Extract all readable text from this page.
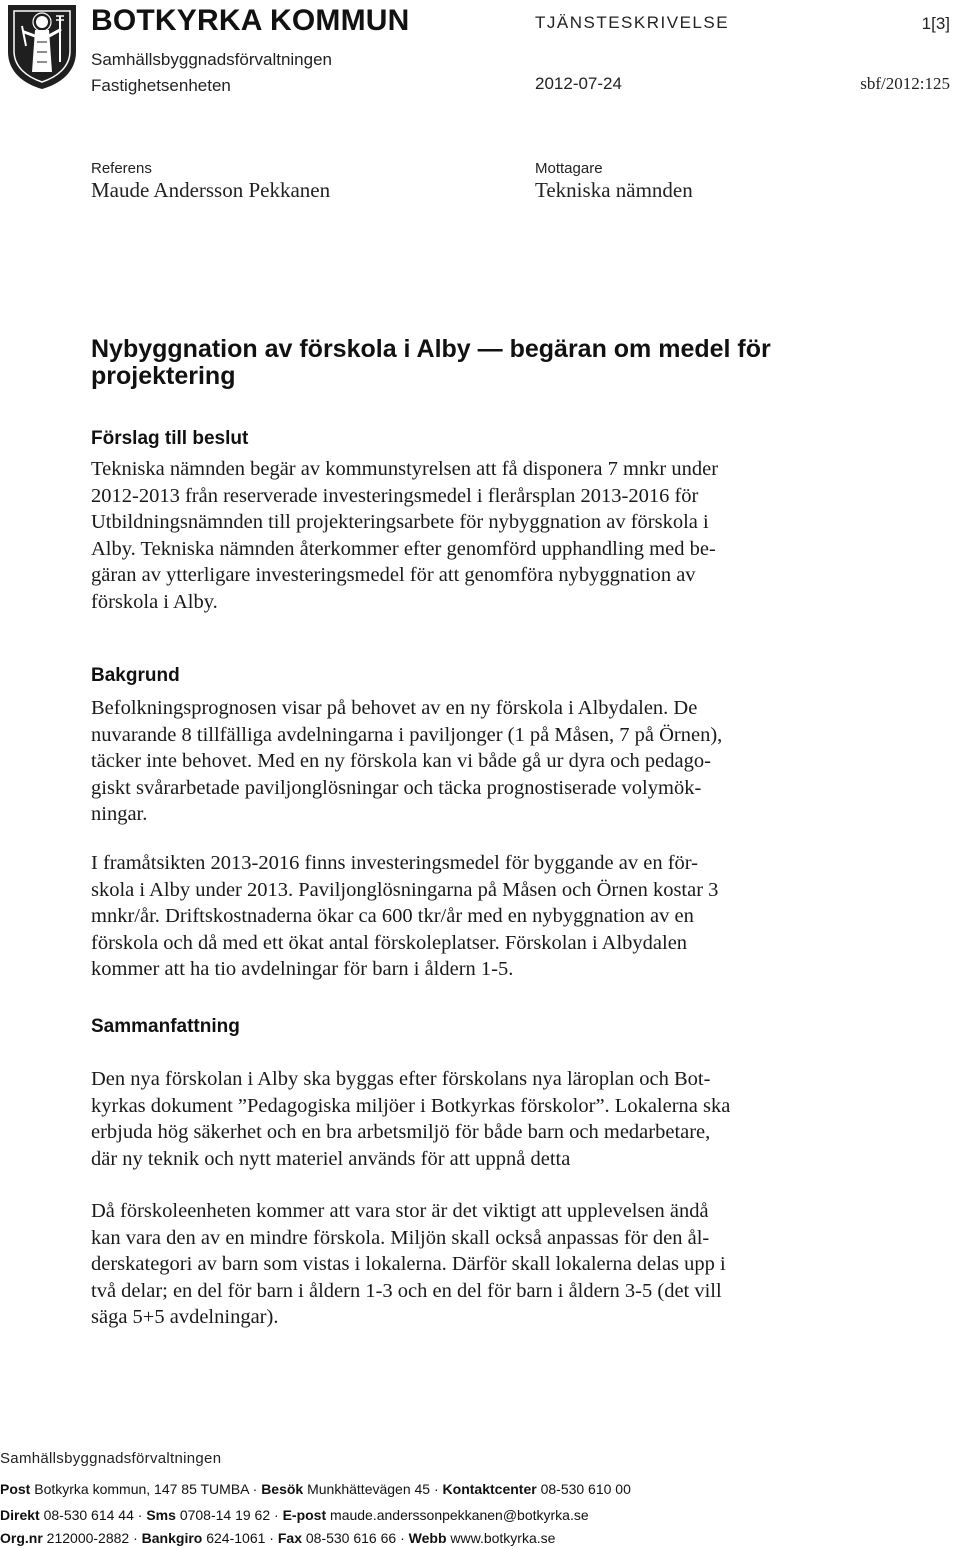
BOTKYRKA KOMMUN
Samhällsbyggnadsförvaltningen
Fastighetsenheten
TJÄNSTESKRIVELSE	1[3]
2012-07-24	sbf/2012:125
Referens
Maude Andersson Pekkanen
Mottagare
Tekniska nämnden
Nybyggnation av förskola i Alby — begäran om medel för
projektering
Förslag till beslut
Tekniska nämnden begär av kommunstyrelsen att få disponera 7 mnkr under
2012-2013 från reserverade investeringsmedel i flerårsplan 2013-2016 för
Utbildningsnämnden till projekteringsarbete för nybyggnation av förskola i
Alby. Tekniska nämnden återkommer efter genomförd upphandling med be-
gäran av ytterligare investeringsmedel för att genomföra nybyggnation av
förskola i Alby.
Bakgrund
Befolkningsprognosen visar på behovet av en ny förskola i Albydalen. De
nuvarande 8 tillfälliga avdelningarna i paviljonger (1 på Måsen, 7 på Örnen),
täcker inte behovet. Med en ny förskola kan vi både gå ur dyra och pedago-
giskt svårarbetade paviljonglösningar och täcka prognostiserade volymök-
ningar.
I framåtsikten 2013-2016 finns investeringsmedel för byggande av en för-
skola i Alby under 2013. Paviljonglösningarna på Måsen och Örnen kostar 3
mnkr/år. Driftskostnaderna ökar ca 600 tkr/år med en nybyggnation av en
förskola och då med ett ökat antal förskoleplatser. Förskolan i Albydalen
kommer att ha tio avdelningar för barn i åldern 1-5.
Sammanfattning
Den nya förskolan i Alby ska byggas efter förskolans nya läroplan och Bot-
kyrkas dokument ”Pedagogiska miljöer i Botkyrkas förskolor”. Lokalerna ska
erbjuda hög säkerhet och en bra arbetsmiljö för både barn och medarbetare,
där ny teknik och nytt materiel används för att uppnå detta
Då förskoleenheten kommer att vara stor är det viktigt att upplevelsen ändå
kan vara den av en mindre förskola. Miljön skall också anpassas för den ål-
derskategori av barn som vistas i lokalerna. Därför skall lokalerna delas upp i
två delar; en del för barn i åldern 1-3 och en del för barn i åldern 3-5 (det vill
säga 5+5 avdelningar).
Samhällsbyggnadsförvaltningen
Post Botkyrka kommun, 147 85 TUMBA · Besök Munkhättevägen 45 · Kontaktcenter 08-530 610 00
Direkt 08-530 614 44 · Sms 0708-14 19 62 · E-post maude.anderssonpekkanen@botkyrka.se
Org.nr 212000-2882 · Bankgiro 624-1061 · Fax 08-530 616 66 · Webb www.botkyrka.se
